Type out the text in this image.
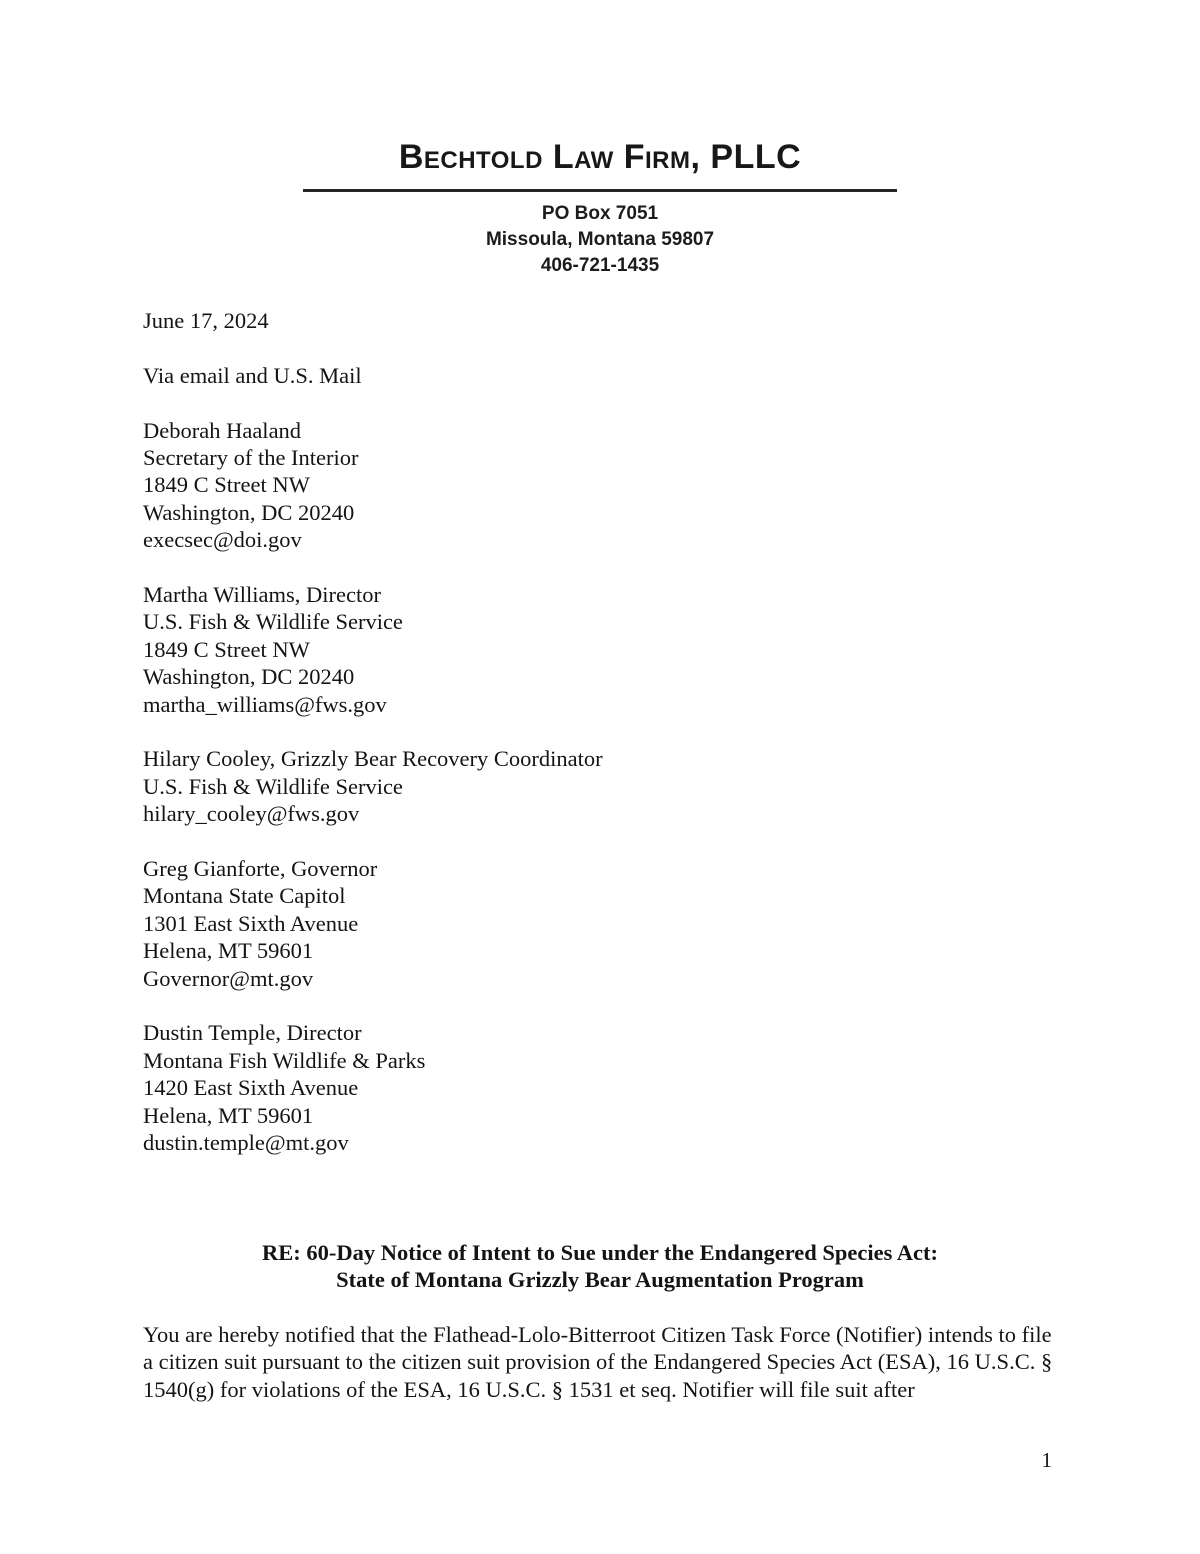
Bechtold Law Firm, PLLC
PO Box 7051
Missoula, Montana 59807
406-721-1435

June 17, 2024

Via email and U.S. Mail

Deborah Haaland
Secretary of the Interior
1849 C Street NW
Washington, DC 20240
execsec@doi.gov
Martha Williams, Director
U.S. Fish & Wildlife Service
1849 C Street NW
Washington, DC 20240
martha_williams@fws.gov
Hilary Cooley, Grizzly Bear Recovery Coordinator
U.S. Fish & Wildlife Service
hilary_cooley@fws.gov
Greg Gianforte, Governor
Montana State Capitol
1301 East Sixth Avenue
Helena, MT 59601
Governor@mt.gov
Dustin Temple, Director
Montana Fish Wildlife & Parks
1420 East Sixth Avenue
Helena, MT 59601
dustin.temple@mt.gov
RE: 60-Day Notice of Intent to Sue under the Endangered Species Act:
State of Montana Grizzly Bear Augmentation Program

You are hereby notified that the Flathead-Lolo-Bitterroot Citizen Task Force (Notifier) intends to file a citizen suit pursuant to the citizen suit provision of the Endangered Species Act (ESA), 16 U.S.C. § 1540(g) for violations of the ESA, 16 U.S.C. § 1531 et seq. Notifier will file suit after

1
